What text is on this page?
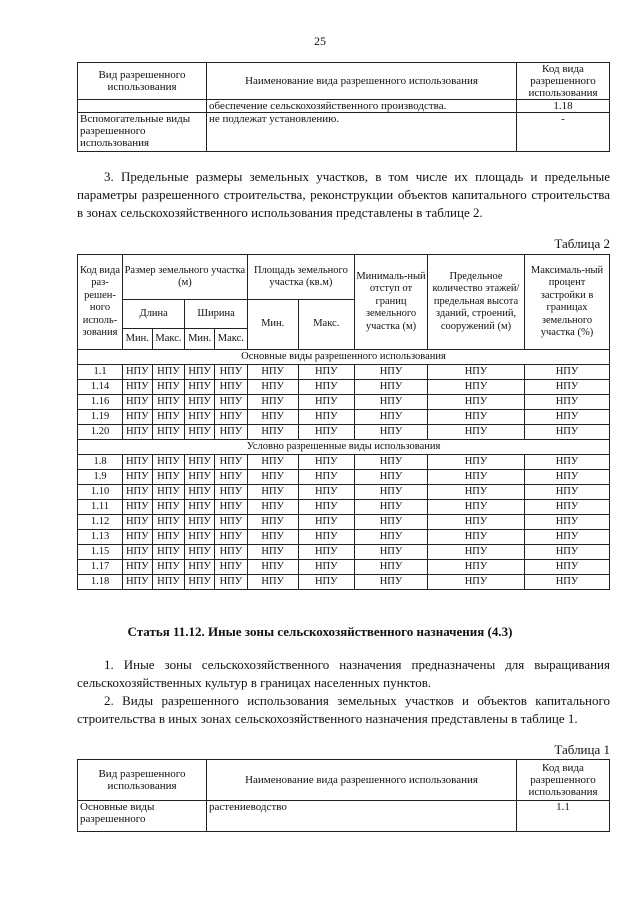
25
Вид разрешенного использования	Наименование вида разрешенного использования	Код вида разрешенного использования
	обеспечение сельскохозяйственного производства.	1.18
Вспомогательные виды разрешенного использования	не подлежат установлению.	-

3. Предельные размеры земельных участков, в том числе их площадь и предельные параметры разрешенного строительства, реконструкции объектов капитального строительства в зонах сельскохозяйственного использования представлены в таблице 2.

Таблица 2
Код вида раз-решен-ного исполь-зования	Размер земельного участка (м)				Площадь земельного участка (кв.м)		Минималь-ный отступ от границ земельного участка (м)	Предельное количество этажей/ предельная высота зданий, строений, сооружений (м)	Максималь-ный процент застройки в границах земельного участка (%)
	Длина		Ширина		Мин.	Макс.			
	Мин.	Макс.	Мин.	Макс.					
Основные виды разрешенного использования									
1.1	НПУ	НПУ	НПУ	НПУ	НПУ	НПУ	НПУ	НПУ	НПУ
1.14	НПУ	НПУ	НПУ	НПУ	НПУ	НПУ	НПУ	НПУ	НПУ
1.16	НПУ	НПУ	НПУ	НПУ	НПУ	НПУ	НПУ	НПУ	НПУ
1.19	НПУ	НПУ	НПУ	НПУ	НПУ	НПУ	НПУ	НПУ	НПУ
1.20	НПУ	НПУ	НПУ	НПУ	НПУ	НПУ	НПУ	НПУ	НПУ
Условно разрешенные виды использования									
1.8	НПУ	НПУ	НПУ	НПУ	НПУ	НПУ	НПУ	НПУ	НПУ
1.9	НПУ	НПУ	НПУ	НПУ	НПУ	НПУ	НПУ	НПУ	НПУ
1.10	НПУ	НПУ	НПУ	НПУ	НПУ	НПУ	НПУ	НПУ	НПУ
1.11	НПУ	НПУ	НПУ	НПУ	НПУ	НПУ	НПУ	НПУ	НПУ
1.12	НПУ	НПУ	НПУ	НПУ	НПУ	НПУ	НПУ	НПУ	НПУ
1.13	НПУ	НПУ	НПУ	НПУ	НПУ	НПУ	НПУ	НПУ	НПУ
1.15	НПУ	НПУ	НПУ	НПУ	НПУ	НПУ	НПУ	НПУ	НПУ
1.17	НПУ	НПУ	НПУ	НПУ	НПУ	НПУ	НПУ	НПУ	НПУ
1.18	НПУ	НПУ	НПУ	НПУ	НПУ	НПУ	НПУ	НПУ	НПУ
Статья 11.12. Иные зоны сельскохозяйственного назначения (4.3)

1. Иные зоны сельскохозяйственного назначения предназначены для выращивания сельскохозяйственных культур в границах населенных пунктов.

2. Виды разрешенного использования земельных участков и объектов капитального строительства в иных зонах сельскохозяйственного назначения представлены в таблице 1.

Таблица 1
Вид разрешенного использования	Наименование вида разрешенного использования	Код вида разрешенного использования
Основные виды разрешенного	растениеводство	1.1
